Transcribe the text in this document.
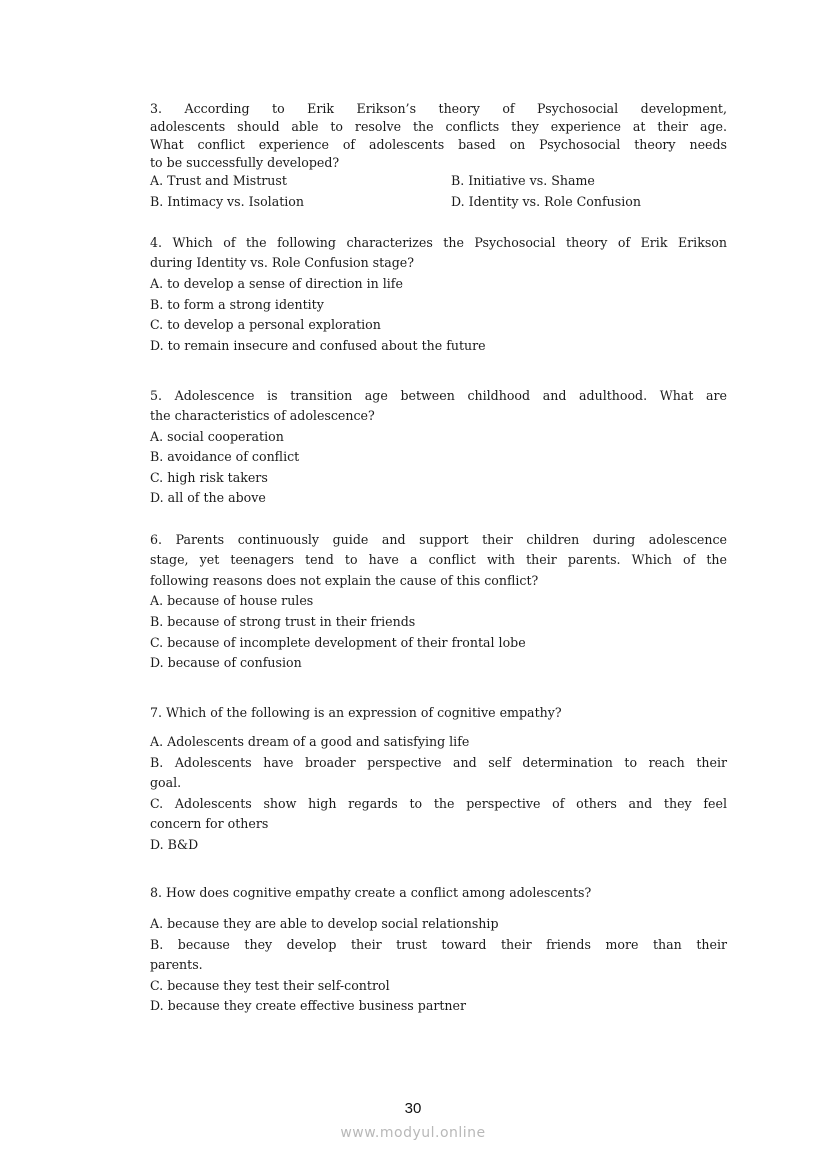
3. According to Erik Erikson’s theory of Psychosocial development,
adolescents should able to resolve the conflicts they experience at their age.
What conflict experience of adolescents based on Psychosocial theory needs
to be successfully developed?
A. Trust and Mistrust	B. Initiative vs. Shame
B. Intimacy vs. Isolation	D. Identity vs. Role Confusion
4. Which of the following characterizes the Psychosocial theory of Erik Erikson
during Identity vs. Role Confusion stage?
A. to develop a sense of direction in life
B. to form a strong identity
C. to develop a personal exploration
D. to remain insecure and confused about the future
5. Adolescence is transition age between childhood and adulthood. What are
the characteristics of adolescence?
A. social cooperation
B. avoidance of conflict
C. high risk takers
D. all of the above
6. Parents continuously guide and support their children during adolescence
stage, yet teenagers tend to have a conflict with their parents. Which of the
following reasons does not explain the cause of this conflict?
A. because of house rules
B. because of strong trust in their friends
C. because of incomplete development of their frontal lobe
D. because of confusion
7. Which of the following is an expression of cognitive empathy?
A. Adolescents dream of a good and satisfying life
B. Adolescents have broader perspective and self determination to reach their
goal.
C. Adolescents show high regards to the perspective of others and they feel
concern for others
D. B&D
8. How does cognitive empathy create a conflict among adolescents?
A. because they are able to develop social relationship
B. because they develop their trust toward their friends more than their
parents.
C. because they test their self-control
D. because they create effective business partner
30
www.modyul.online
